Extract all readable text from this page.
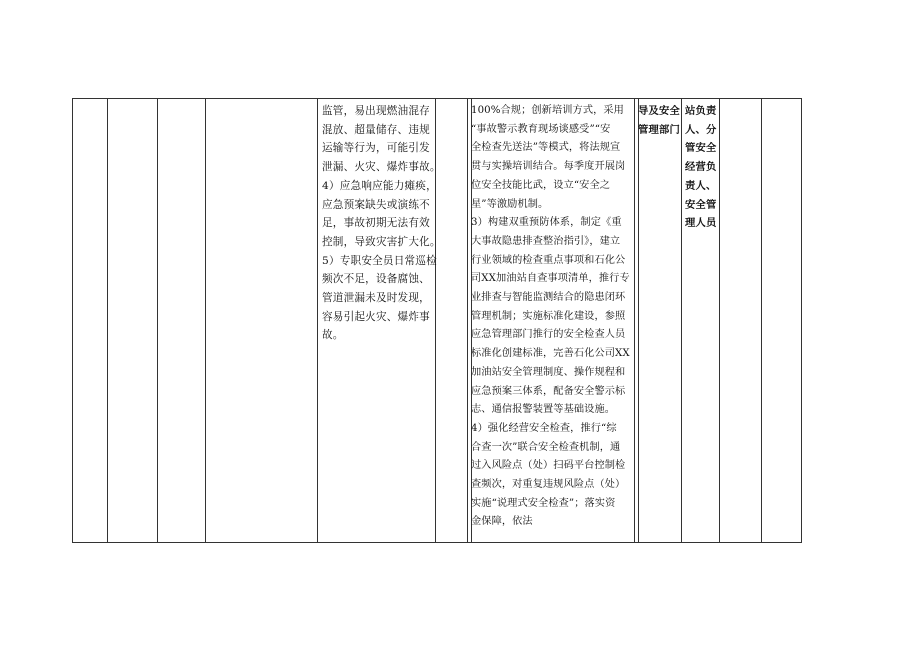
监管，易出现燃油混存
混放、超量储存、违规
运输等行为，可能引发
泄漏、火灾、爆炸事故。
4）应急响应能力瘫痪，
应急预案缺失或演练不
足，事故初期无法有效
控制，导致灾害扩大化。
5）专职安全员日常巡检
频次不足，设备腐蚀、
管道泄漏未及时发现，
容易引起火灾、爆炸事
故。
100%合规；创新培训方式，采用
“事故警示教育现场谈感受”“安
全检查先送法”等模式，将法规宣
贯与实操培训结合。每季度开展岗
位安全技能比武，设立“安全之
星”等激励机制。
3）构建双重预防体系，制定《重
大事故隐患排查整治指引》，建立
行业领域的检查重点事项和石化公
司XX加油站自查事项清单，推行专
业排查与智能监测结合的隐患闭环
管理机制；实施标准化建设，参照
应急管理部门推行的安全检查人员
标准化创建标准，完善石化公司XX
加油站安全管理制度、操作规程和
应急预案三体系，配备安全警示标
志、通信报警装置等基础设施。
4）强化经营安全检查，推行“综
合查一次”联合安全检查机制，通
过入风险点（处）扫码平台控制检
查频次，对重复违规风险点（处）
实施“说理式安全检查”；落实资
金保障，依法
导及安全
管理部门
站负责
人、分
管安全
经营负
责人、
安全管
理人员
